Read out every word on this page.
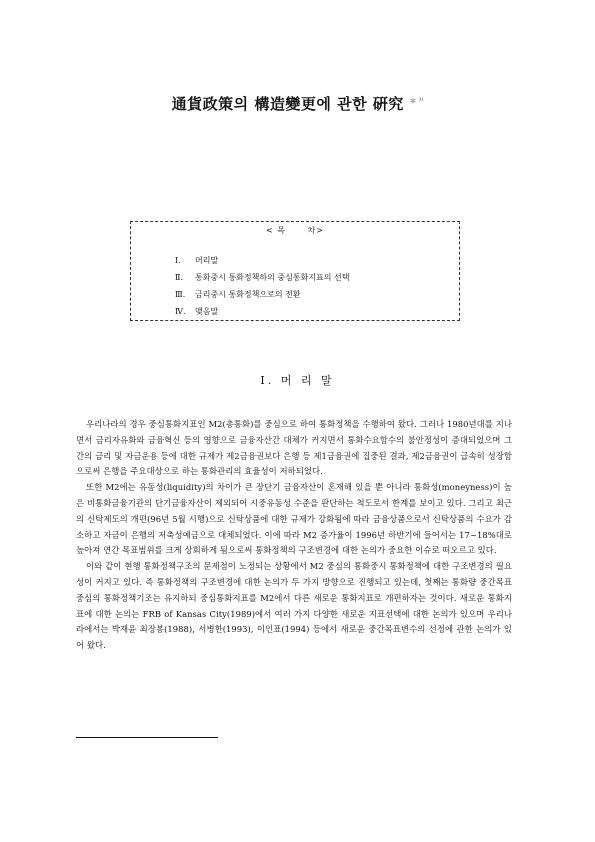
通貨政策의 構造變更에 관한 硏究 $^{* ^{1)}}$
< 목　　 차>
Ⅰ. 머리말
Ⅱ. 통화중시 통화정책하의 중심통화지표의 선택
Ⅲ. 금리중시 통화정책으로의 전환
Ⅳ. 맺음말
Ⅰ. 머 리 말

우리나라의 경우 중심통화지표인 M2(총통화)를 중심으로 하여 통화정책을 수행하여 왔다. 그러나 1980년대를 지나면서 금리자유화와 금융혁신 등의 영향으로 금융자산간 대체가 커지면서 통화수요함수의 불안정성이 증대되었으며 그간의 금리 및 자금운용 등에 대한 규제가 제2금융권보다 은행 등 제1금융권에 집중된 결과, 제2금융권이 급속히 성장함으로써 은행을 주요대상으로 하는 통화관리의 효율성이 저하되었다.

또한 M2에는 유동성(liquidity)의 차이가 큰 장단기 금융자산이 혼재해 있을 뿐 아니라 통화성(moneyness)이 높은 비통화금융기관의 단기금융자산이 제외되어 시중유동성 수준을 판단하는 척도로서 한계를 보이고 있다. 그리고 최근의 신탁제도의 개편(96년 5월 시행)으로 신탁상품에 대한 규제가 강화됨에 따라 금융상품으로서 신탁상품의 수요가 감소하고 자금이 은행의 저축성예금으로 대체되었다. 이에 따라 M2 증가율이 1996년 하반기에 들어서는 17~18%대로 높아져 연간 목표범위를 크게 상회하게 됨으로써 통화정책의 구조변경에 대한 논의가 중요한 이슈로 떠오르고 있다.

이와 같이 현행 통화정책구조의 문제점이 노정되는 상황에서 M2 중심의 통화중시 통화정책에 대한 구조변경의 필요성이 커지고 있다. 즉 통화정책의 구조변경에 대한 논의가 두 가지 방향으로 진행되고 있는데, 첫째는 통화량 중간목표 중심의 통화정책기조는 유지하되 중심통화지표를 M2에서 다른 새로운 통화지표로 개편하자는 것이다. 새로운 통화지표에 대한 논의는 FRB of Kansas City(1989)에서 여러 가지 다양한 새로운 지표선택에 대한 논의가 있으며 우리나라에서는 박재윤 최장봉(1988), 서병한(1993), 이인표(1994) 등에서 새로운 중간목표변수의 선정에 관한 논의가 있어 왔다.
